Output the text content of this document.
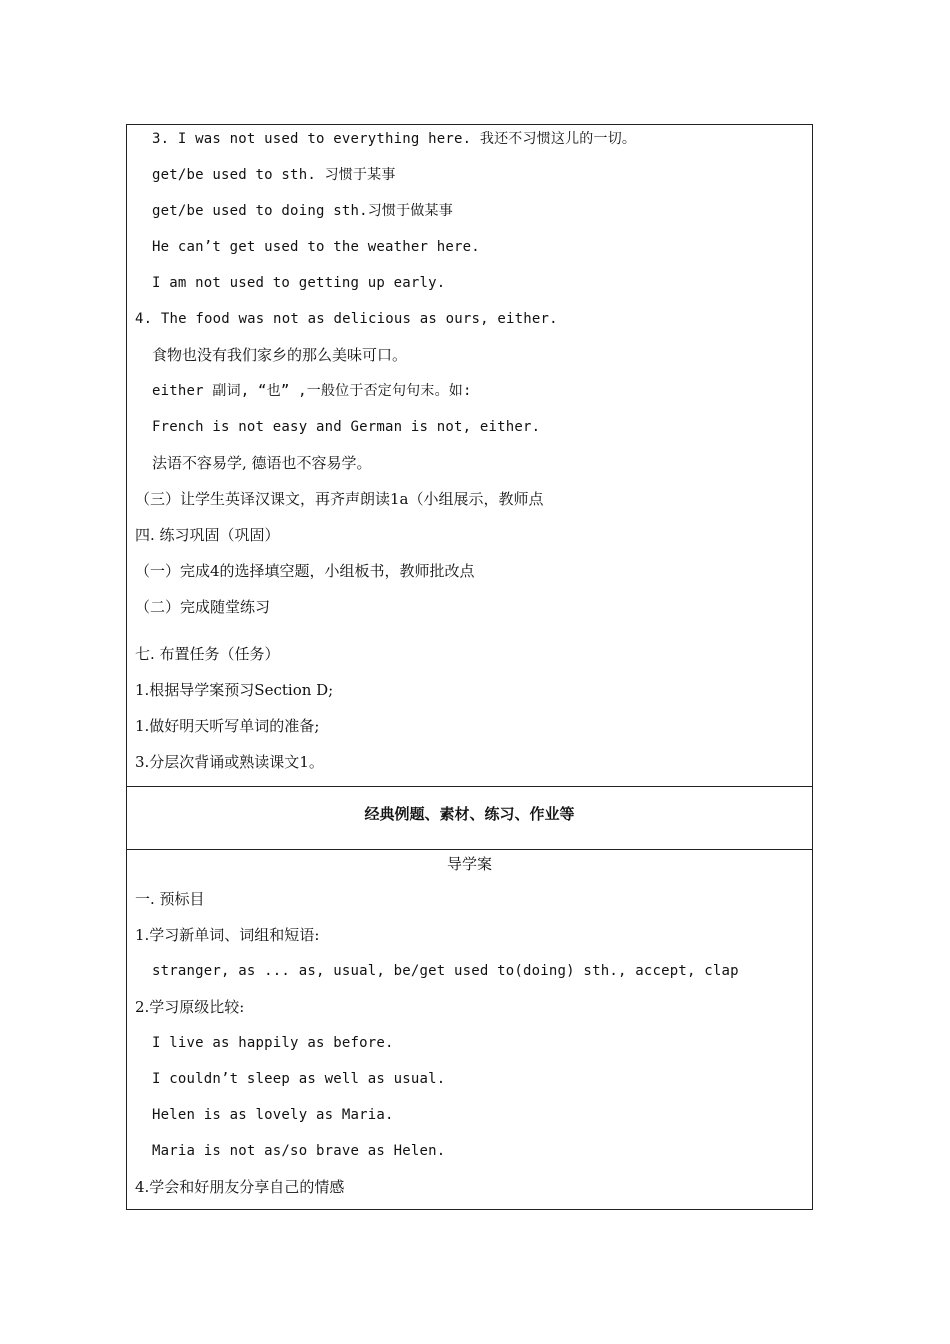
3. I was not used to everything here. 我还不习惯这儿的一切。
get/be used to sth. 习惯于某事
get/be used to doing sth.习惯于做某事
He can’t get used to the weather here.
I am not used to getting up early.
4. The food was not as delicious as ours, either.
食物也没有我们家乡的那么美味可口。
either 副词, “也” ,一般位于否定句句末。如:
French is not easy and German is not, either.
法语不容易学, 德语也不容易学。
（三）让学生英译汉课文，再齐声朗读1a（小组展示，教师点
四. 练习巩固（巩固）
（一）完成4的选择填空题，小组板书，教师批改点
（二）完成随堂练习
七. 布置任务（任务）
1.根据导学案预习Section D;
1.做好明天听写单词的准备;
3.分层次背诵或熟读课文1。
经典例题、素材、练习、作业等
导学案
一. 预标目
1.学习新单词、词组和短语:
stranger, as ... as, usual, be/get used to(doing) sth., accept, clap
2.学习原级比较:
I live as happily as before.
I couldn’t sleep as well as usual.
Helen is as lovely as Maria.
Maria is not as/so brave as Helen.
4.学会和好朋友分享自己的情感
